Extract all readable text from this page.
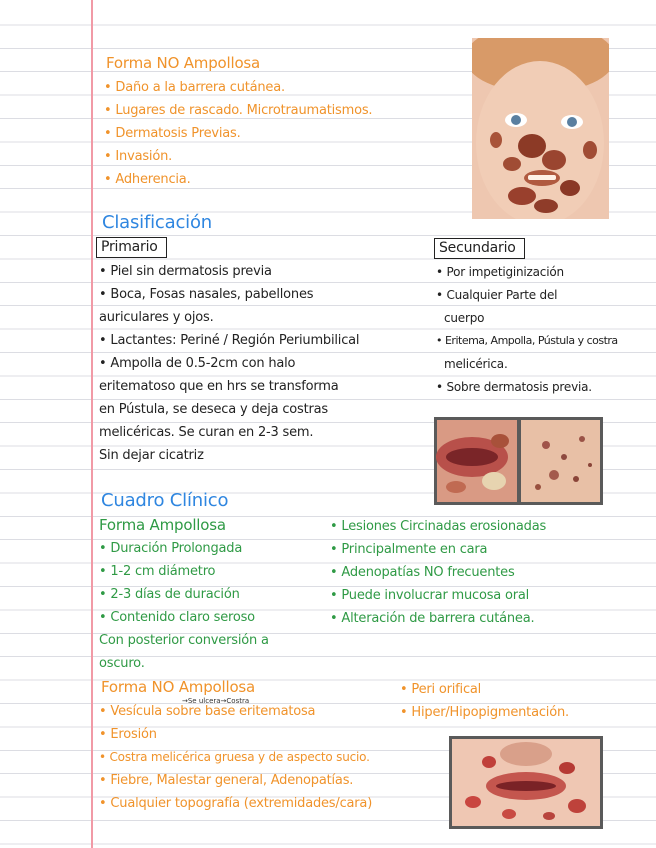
Forma NO Ampollosa
• Daño a la barrera cutánea.
• Lugares de rascado. Microtraumatismos.
• Dermatosis Previas.
• Invasión.
• Adherencia.
Clasificación
Primario
• Piel sin dermatosis previa
• Boca, Fosas nasales, pabellones
auriculares y ojos.
• Lactantes: Periné / Región Periumbilical
• Ampolla de 0.5-2cm con halo
eritematoso que en hrs se transforma
en Pústula, se deseca y deja costras
melicéricas. Se curan en 2-3 sem.
Sin dejar cicatriz
Secundario
• Por impetiginización
• Cualquier Parte del
cuerpo
• Eritema, Ampolla, Pústula y costra
melicérica.
• Sobre dermatosis previa.
Cuadro Clínico
Forma Ampollosa
• Duración Prolongada
• 1-2 cm diámetro
• 2-3 días de duración
• Contenido claro seroso
Con posterior conversión a
oscuro.
• Lesiones Circinadas erosionadas
• Principalmente en cara
• Adenopatías NO frecuentes
• Puede involucrar mucosa oral
• Alteración de barrera cutánea.
Forma NO Ampollosa
→Se ulcera→Costra
• Vesícula sobre base eritematosa
• Erosión
• Costra melicérica gruesa y de aspecto sucio.
• Fiebre, Malestar general, Adenopatías.
• Cualquier topografía (extremidades/cara)
• Peri orifical
• Hiper/Hipopigmentación.
